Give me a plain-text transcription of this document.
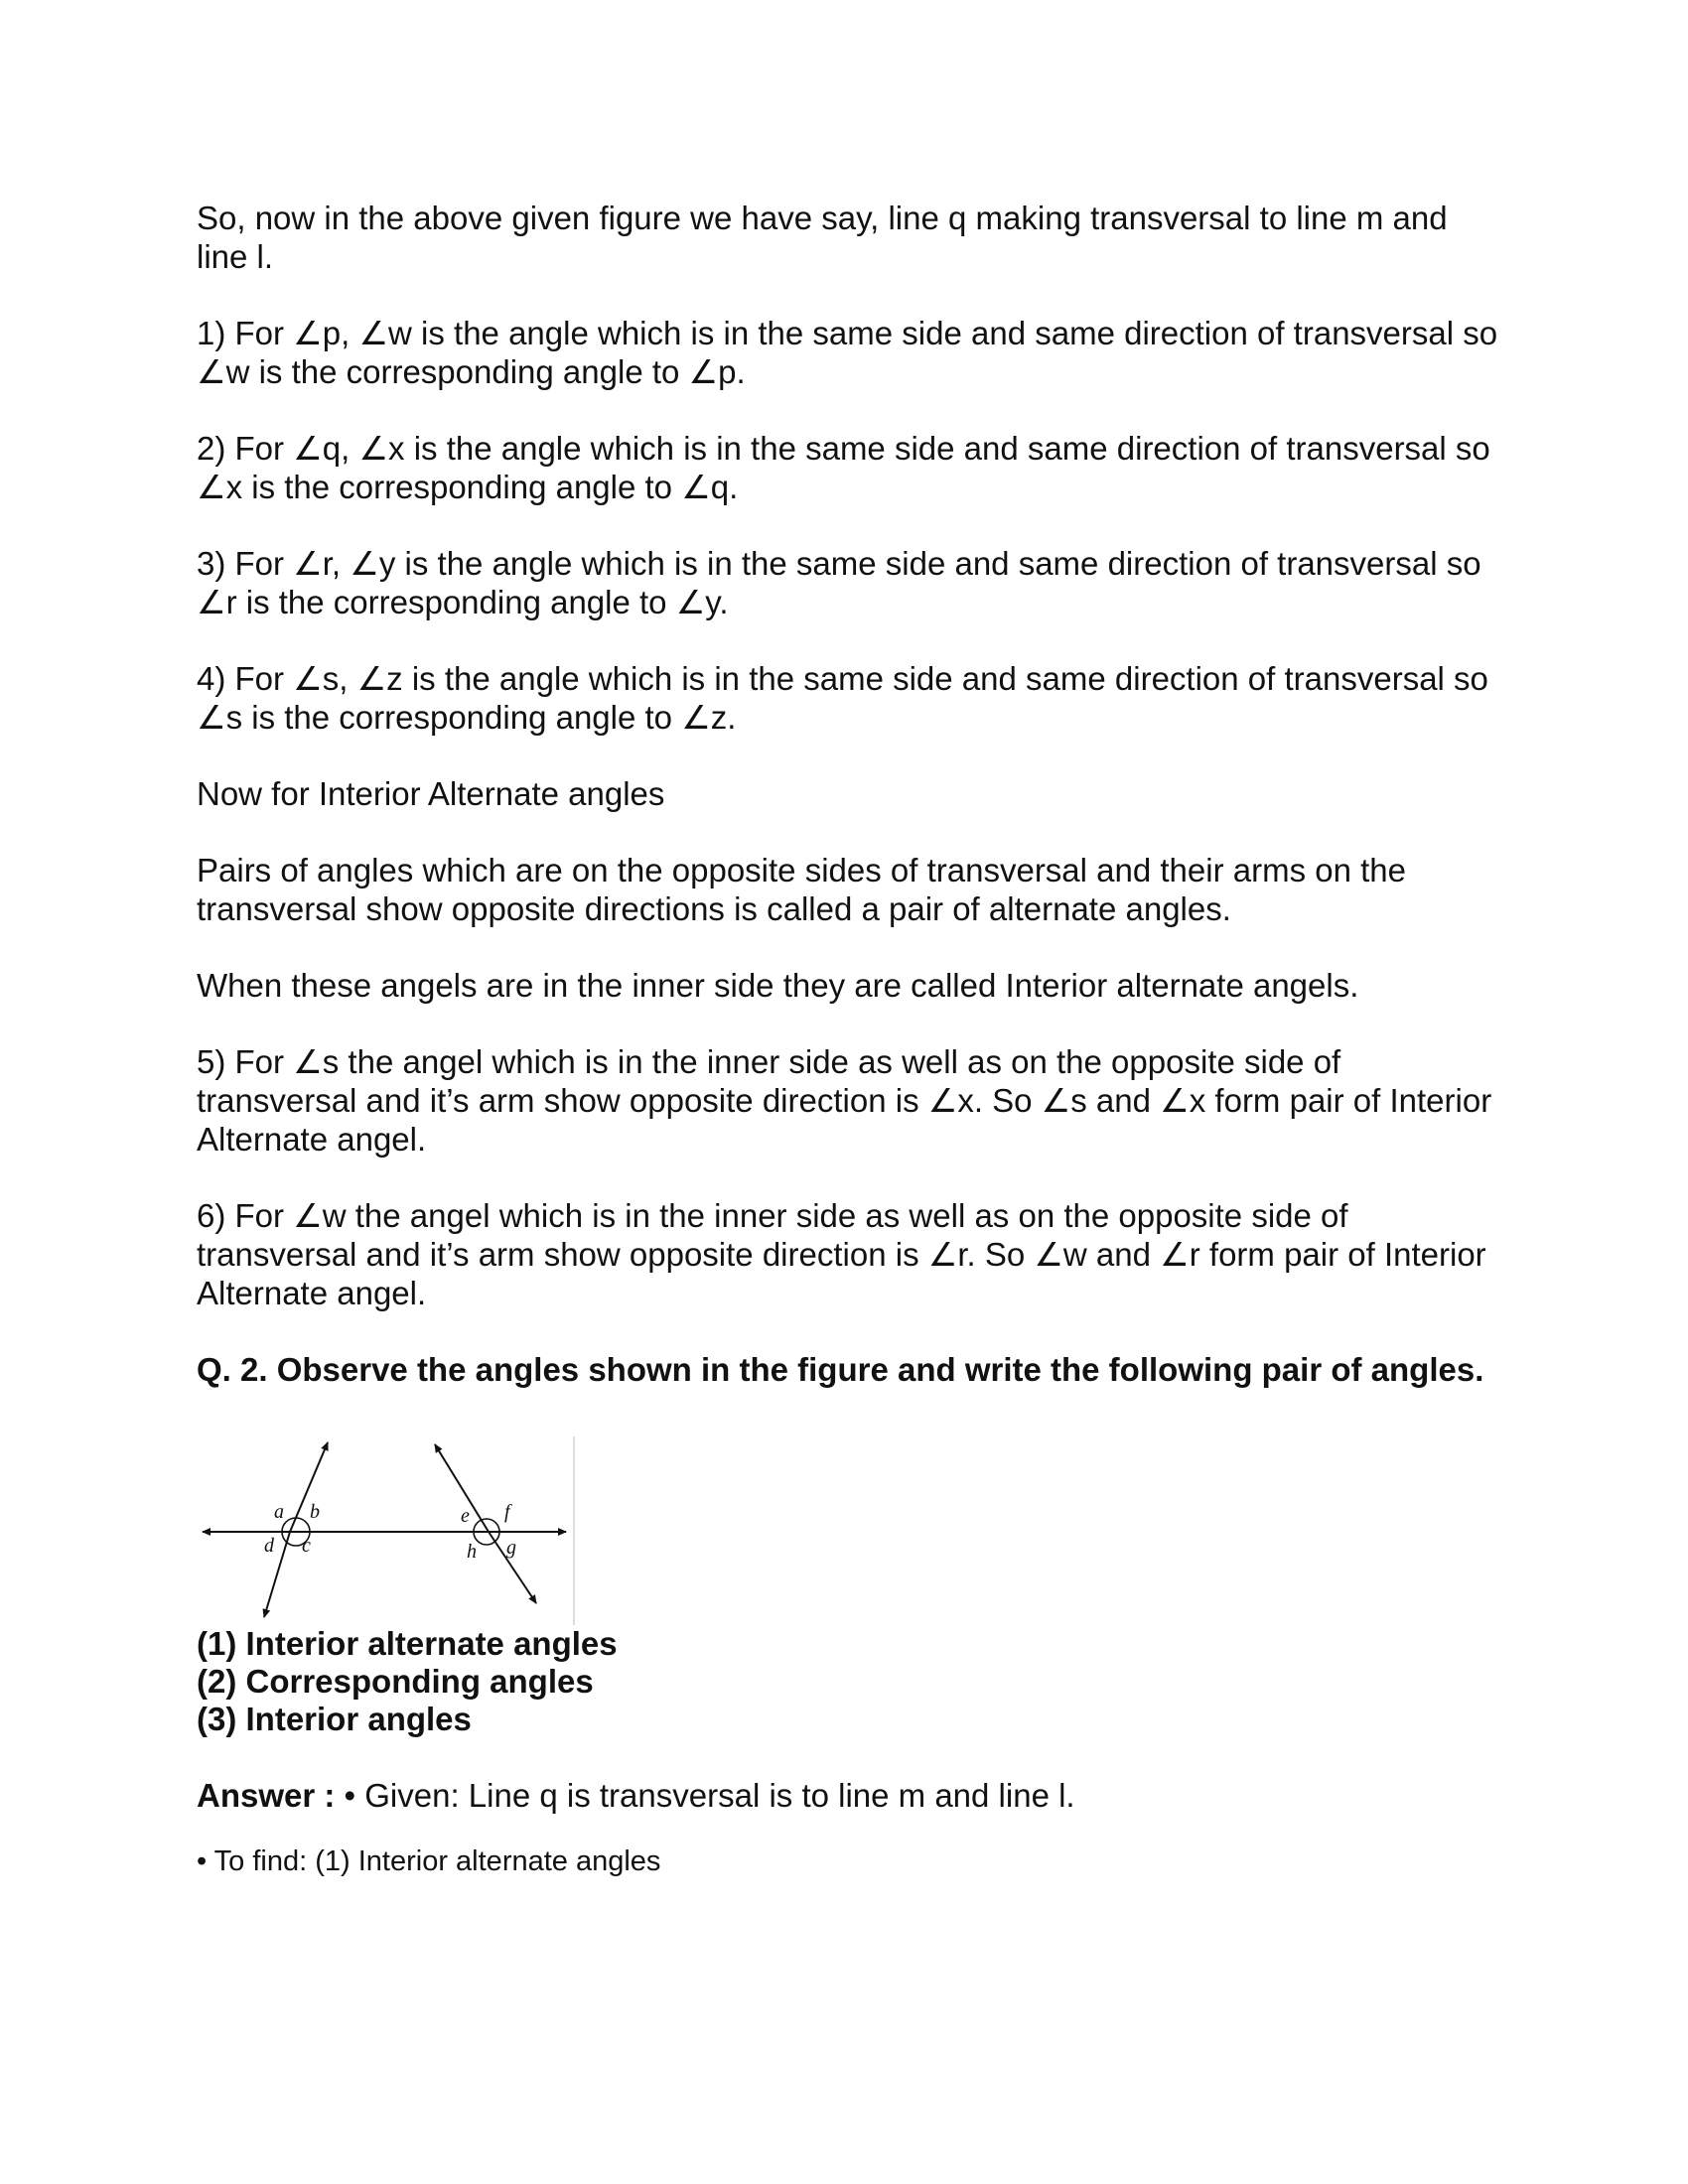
So, now in the above given figure we have say, line q making transversal to line m and line l.

1) For ∠p, ∠w is the angle which is in the same side and same direction of transversal so ∠w is the corresponding angle to ∠p.

2) For ∠q, ∠x is the angle which is in the same side and same direction of transversal so ∠x is the corresponding angle to ∠q.

3) For ∠r, ∠y is the angle which is in the same side and same direction of transversal so ∠r is the corresponding angle to ∠y.

4) For ∠s, ∠z is the angle which is in the same side and same direction of transversal so ∠s is the corresponding angle to ∠z.

Now for Interior Alternate angles

Pairs of angles which are on the opposite sides of transversal and their arms on the transversal show opposite directions is called a pair of alternate angles.

When these angels are in the inner side they are called Interior alternate angels.

5) For ∠s the angel which is in the inner side as well as on the opposite side of transversal and it’s arm show opposite direction is ∠x. So ∠s and ∠x form pair of Interior Alternate angel.

6) For ∠w the angel which is in the inner side as well as on the opposite side of transversal and it’s arm show opposite direction is ∠r. So ∠w and ∠r form pair of Interior Alternate angel.

Q. 2. Observe the angles shown in the figure and write the following pair of angles.
a b
c
d
e f
g
h
(1) Interior alternate angles
(2) Corresponding angles
(3) Interior angles
Answer : • Given: Line q is transversal is to line m and line l.
• To find: (1) Interior alternate angles
